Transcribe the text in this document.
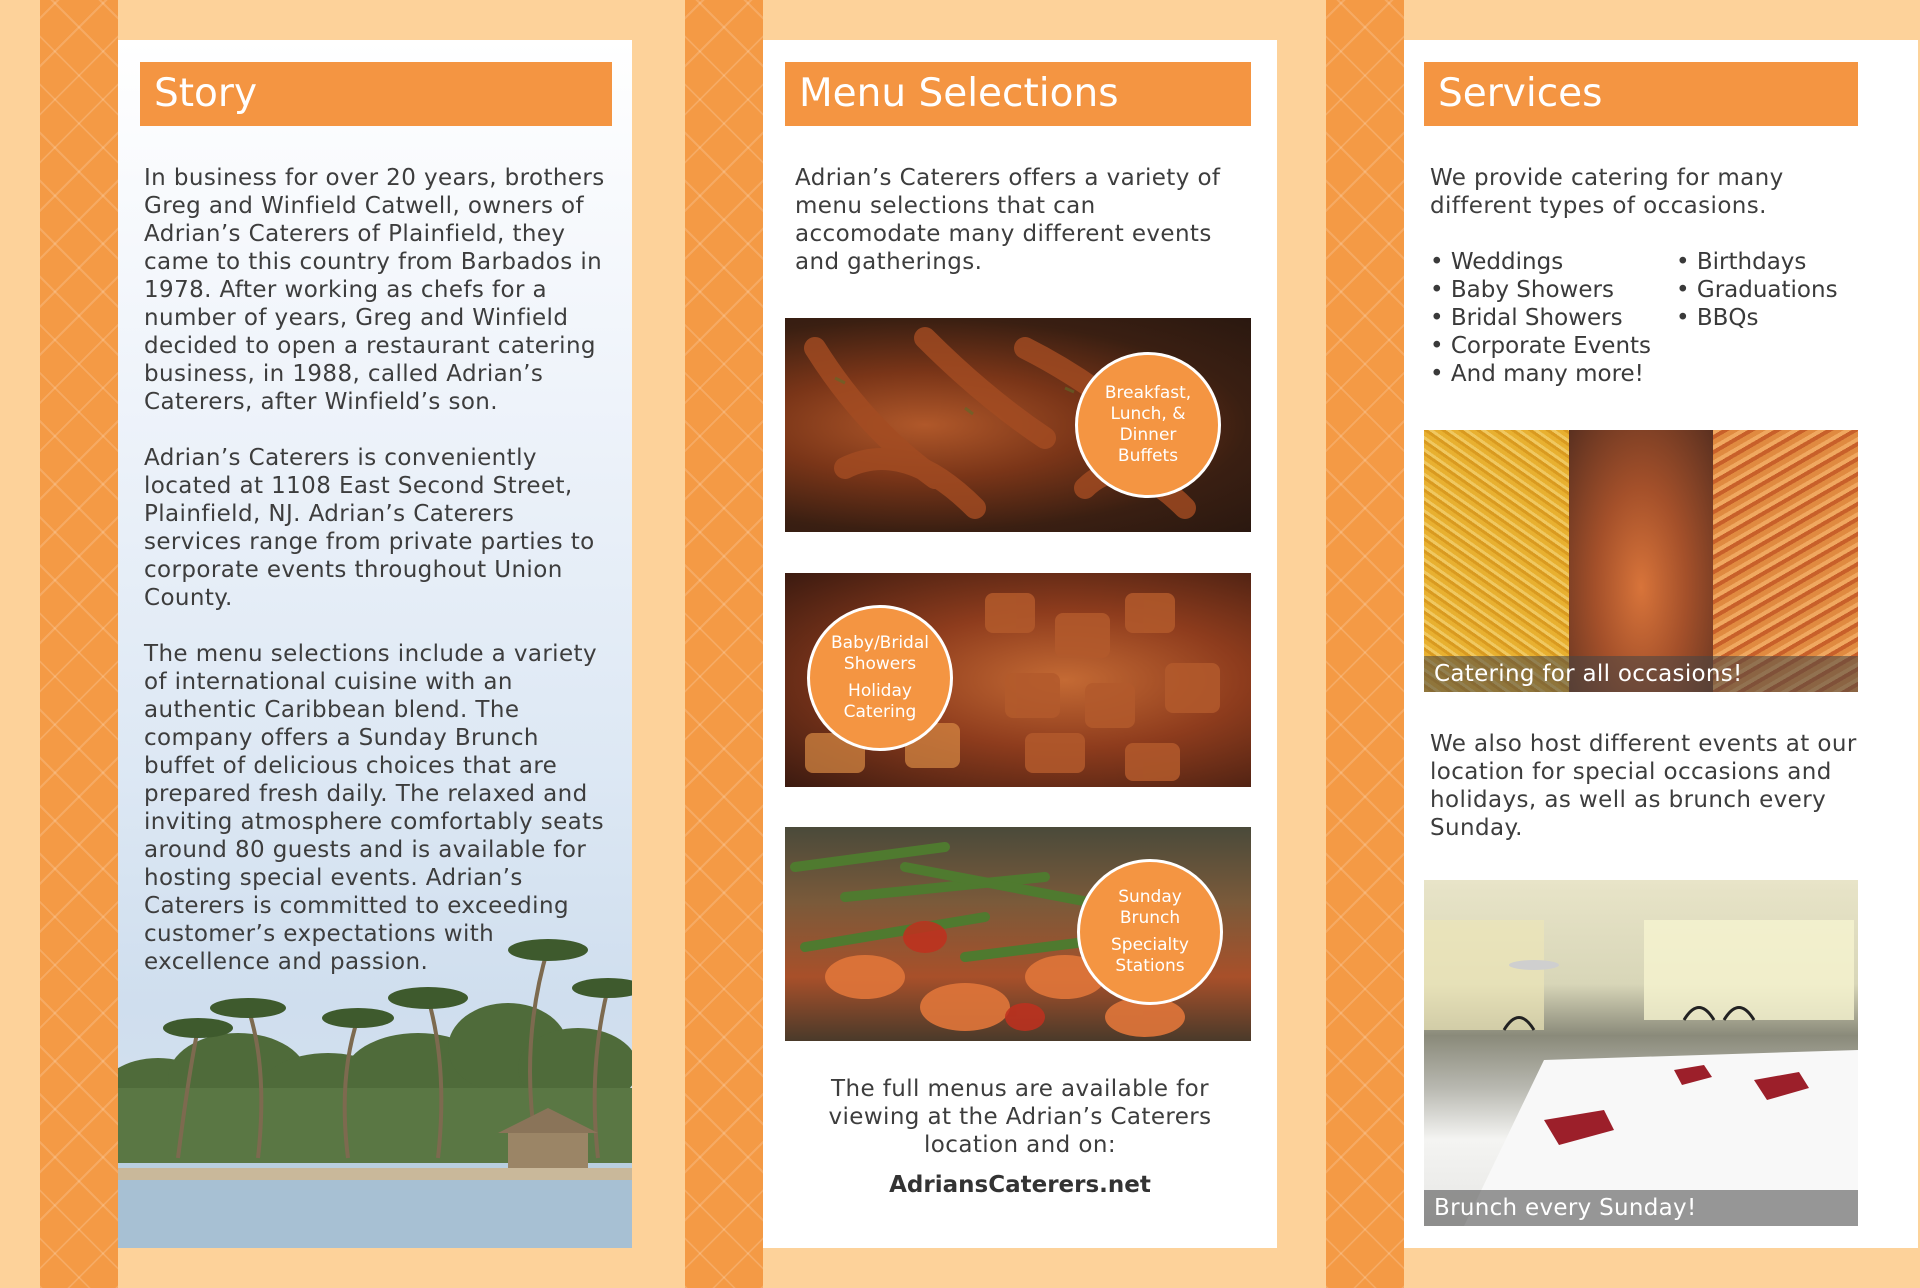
Story

In business for over 20 years, brothers Greg and Winfield Catwell, owners of Adrian’s Caterers of Plainfield, they came to this country from Barbados in 1978. After working as chefs for a number of years, Greg and Winfield decided to open a restaurant catering business, in 1988, called Adrian’s Caterers, after Winfield’s son.

Adrian’s Caterers is conveniently located at 1108 East Second Street, Plainfield, NJ. Adrian’s Caterers services range from private parties to corporate events throughout Union County.

The menu selections include a variety of international cuisine with an authentic Caribbean blend. The company offers a Sunday Brunch buffet of delicious choices that are prepared fresh daily. The relaxed and inviting atmosphere comfortably seats around 80 guests and is available for hosting special events. Adrian’s Caterers is committed to exceeding customer’s expectations with excellence and passion.

Menu Selections
Adrian’s Caterers offers a variety of menu selections that can accomodate many different events and gatherings.
Breakfast,
Lunch, &
Dinner
Buffets
Baby/Bridal
Showers
Holiday
Catering
Sunday
Brunch
Specialty
Stations
The full menus are available for viewing at the Adrian’s Caterers location and on:
AdriansCaterers.net
Services
We provide catering for many different types of occasions.
• Weddings
• Baby Showers
• Bridal Showers
• Corporate Events
• And many more!
• Birthdays
• Graduations
• BBQs
Catering for all occasions!
We also host different events at our location for special occasions and holidays, as well as brunch every Sunday.
Brunch every Sunday!
